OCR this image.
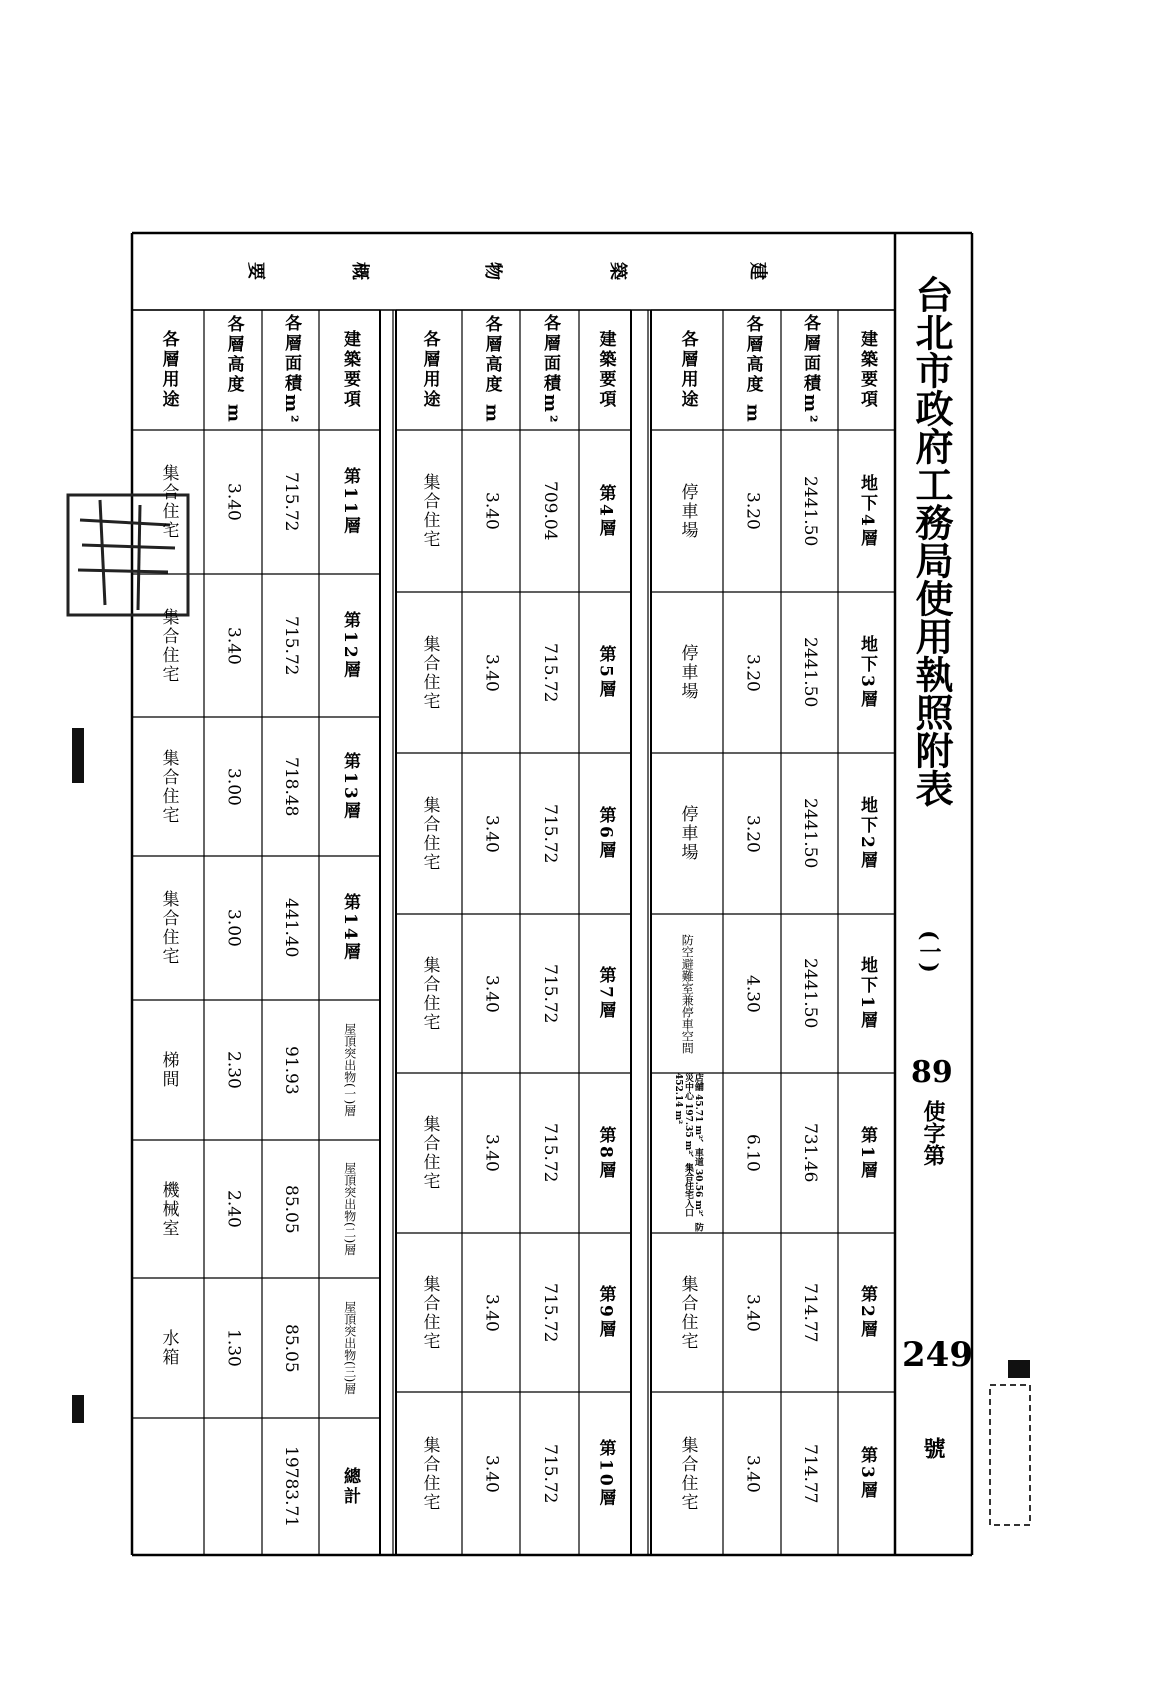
建築要項
各層面積m²
各層高度 m
各層用途
地下4層
2441.50
3.20
停車場
地下3層
2441.50
3.20
停車場
地下2層
2441.50
3.20
停車場
地下1層
2441.50
4.30
防空避難室兼停車空間
第1層
731.46
6.10
店舖 45.71 m²、車道 30.56 m²、防災中心 197.35 m²、集合住宅入口 452.14 m²
第2層
714.77
3.40
集合住宅
第3層
714.77
3.40
集合住宅
建築要項
各層面積m²
各層高度 m
各層用途
第4層
709.04
3.40
集合住宅
第5層
715.72
3.40
集合住宅
第6層
715.72
3.40
集合住宅
第7層
715.72
3.40
集合住宅
第8層
715.72
3.40
集合住宅
第9層
715.72
3.40
集合住宅
第10層
715.72
3.40
集合住宅
建築要項
各層面積m²
各層高度 m
各層用途
第11層
715.72
3.40
集合住宅
第12層
715.72
3.40
集合住宅
第13層
718.48
3.00
集合住宅
第14層
441.40
3.00
集合住宅
屋頂突出物(一)層
91.93
2.30
梯間
屋頂突出物(二)層
85.05
2.40
機械室
屋頂突出物(三)層
85.05
1.30
水箱
總計
19783.71
建
築
物
概
要
台北市政府工務局使用執照附表
(一)
89
使字第
249
號
